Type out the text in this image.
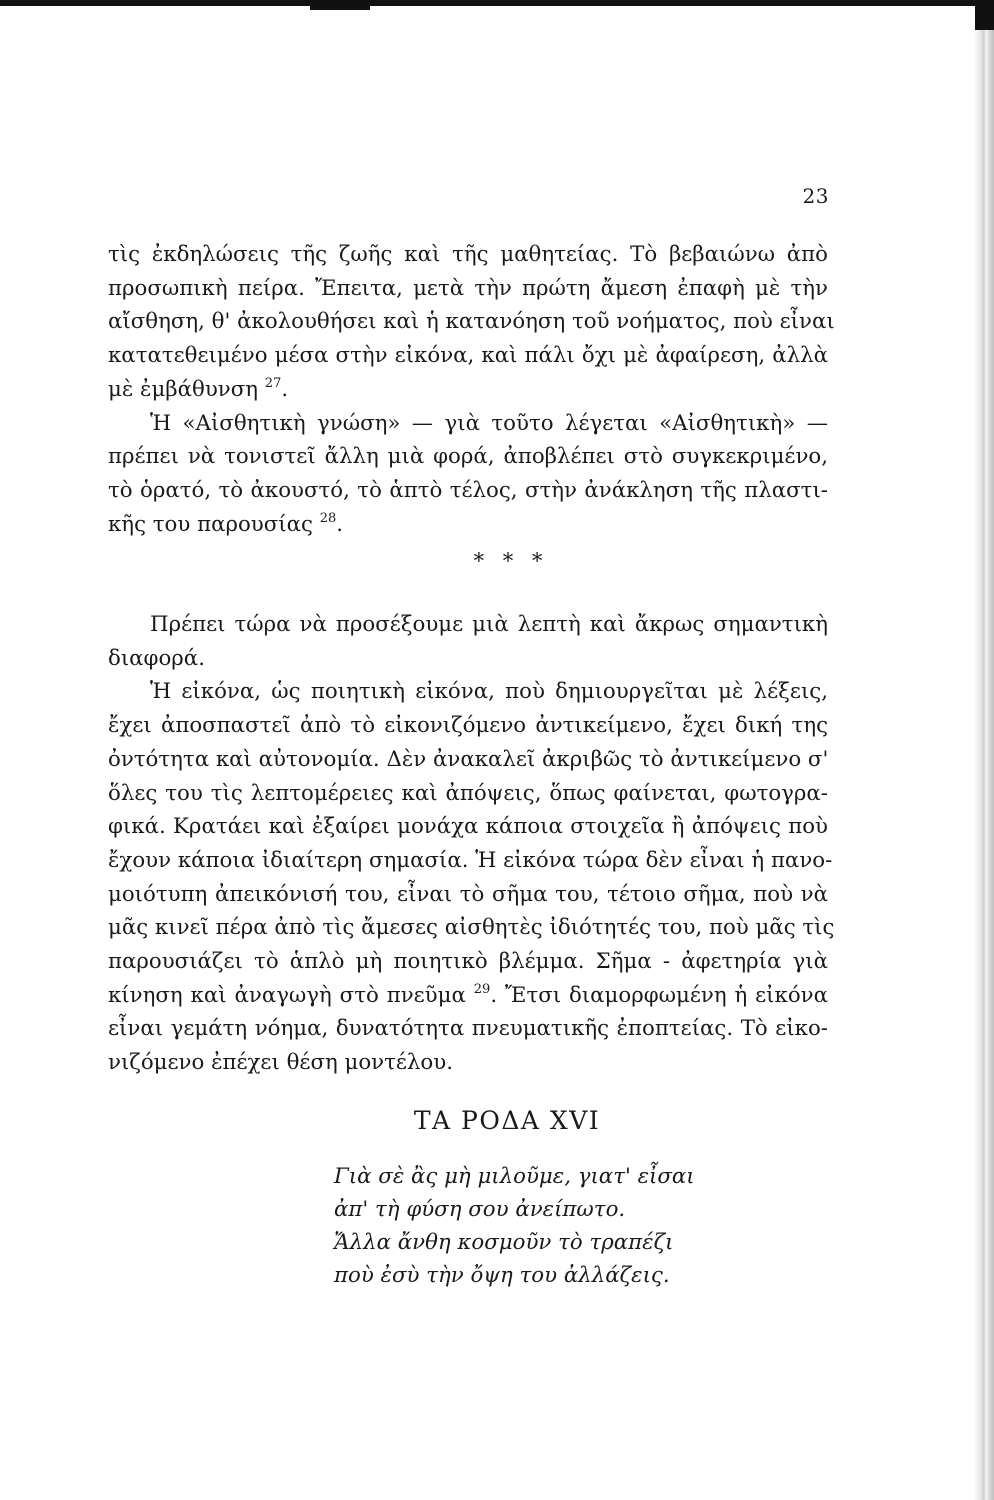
23
τὶς ἐκδηλώσεις τῆς ζωῆς καὶ τῆς μαθητείας. Τὸ βεβαιώνω ἀπὸ
προσωπικὴ πείρα. Ἔπειτα, μετὰ τὴν πρώτη ἄμεση ἐπαφὴ μὲ τὴν
αἴσθηση, θ' ἀκολουθήσει καὶ ἡ κατανόηση τοῦ νοήματος, ποὺ εἶναι
κατατεθειμένο μέσα στὴν εἰκόνα, καὶ πάλι ὄχι μὲ ἀφαίρεση, ἀλλὰ
μὲ ἐμβάθυνση $^{27}$.
Ἡ «Αἰσθητικὴ γνώση» — γιὰ τοῦτο λέγεται «Αἰσθητικὴ» —
πρέπει νὰ τονιστεῖ ἄλλη μιὰ φορά, ἀποβλέπει στὸ συγκεκριμένο,
τὸ ὁρατό, τὸ ἀκουστό, τὸ ἁπτὸ τέλος, στὴν ἀνάκληση τῆς πλαστι-
κῆς του παρουσίας $^{28}$.
* * *
Πρέπει τώρα νὰ προσέξουμε μιὰ λεπτὴ καὶ ἄκρως σημαντικὴ
διαφορά.
Ἡ εἰκόνα, ὡς ποιητικὴ εἰκόνα, ποὺ δημιουργεῖται μὲ λέξεις,
ἔχει ἀποσπαστεῖ ἀπὸ τὸ εἰκονιζόμενο ἀντικείμενο, ἔχει δική της
ὀντότητα καὶ αὐτονομία. Δὲν ἀνακαλεῖ ἀκριβῶς τὸ ἀντικείμενο σ'
ὅλες του τὶς λεπτομέρειες καὶ ἀπόψεις, ὅπως φαίνεται, φωτογρα-
φικά. Κρατάει καὶ ἐξαίρει μονάχα κάποια στοιχεῖα ἢ ἀπόψεις ποὺ
ἔχουν κάποια ἰδιαίτερη σημασία. Ἡ εἰκόνα τώρα δὲν εἶναι ἡ πανο-
μοιότυπη ἀπεικόνισή του, εἶναι τὸ σῆμα του, τέτοιο σῆμα, ποὺ νὰ
μᾶς κινεῖ πέρα ἀπὸ τὶς ἄμεσες αἰσθητὲς ἰδιότητές του, ποὺ μᾶς τὶς
παρουσιάζει τὸ ἁπλὸ μὴ ποιητικὸ βλέμμα. Σῆμα - ἀφετηρία γιὰ
κίνηση καὶ ἀναγωγὴ στὸ πνεῦμα $^{29}$. Ἔτσι διαμορφωμένη ἡ εἰκόνα
εἶναι γεμάτη νόημα, δυνατότητα πνευματικῆς ἐποπτείας. Τὸ εἰκο-
νιζόμενο ἐπέχει θέση μοντέλου.
ΤΑ ΡΟΔΑ XVI
Γιὰ σὲ ἂς μὴ μιλοῦμε, γιατ' εἶσαι
ἀπ' τὴ φύση σου ἀνείπωτο.
Ἄλλα ἄνθη κοσμοῦν τὸ τραπέζι
ποὺ ἐσὺ τὴν ὄψη του ἀλλάζεις.
